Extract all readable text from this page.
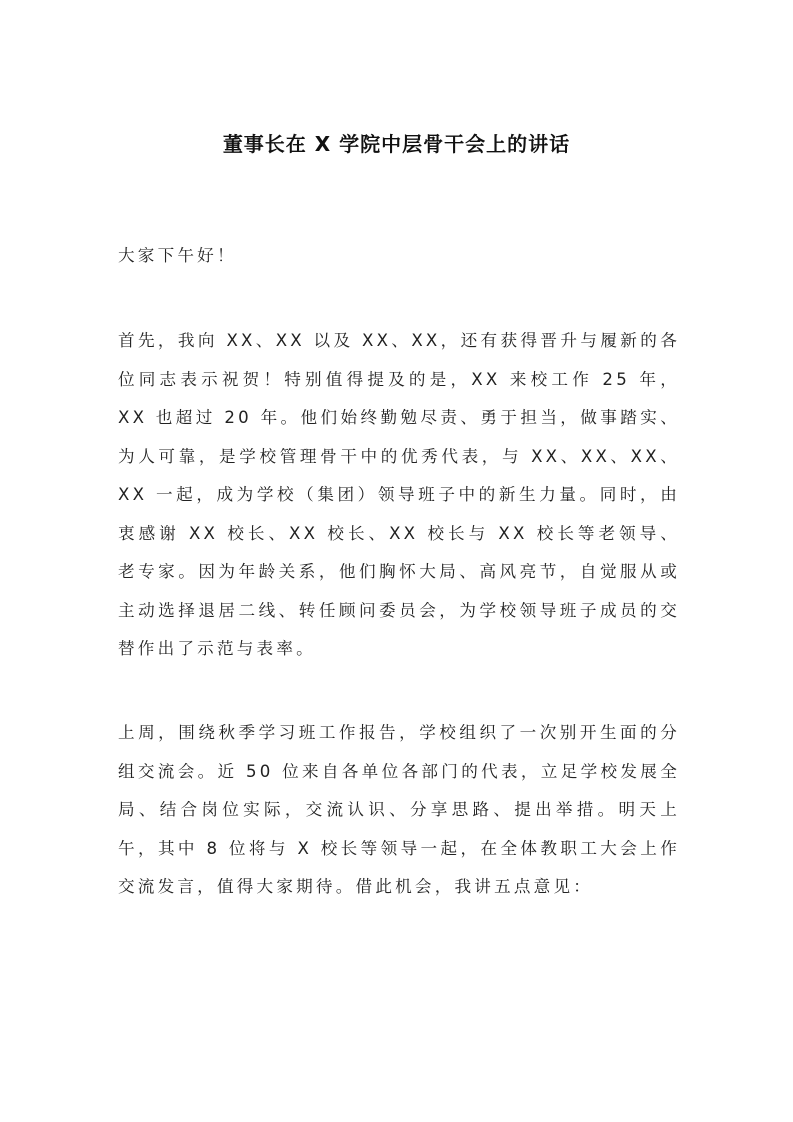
董事长在 X 学院中层骨干会上的讲话

大家下午好！

首先，我向 XX、XX 以及 XX、XX，还有获得晋升与履新的各位同志表示祝贺！特别值得提及的是，XX 来校工作 25 年，XX 也超过 20 年。他们始终勤勉尽责、勇于担当，做事踏实、为人可靠，是学校管理骨干中的优秀代表，与 XX、XX、XX、XX 一起，成为学校（集团）领导班子中的新生力量。同时，由衷感谢 XX 校长、XX 校长、XX 校长与 XX 校长等老领导、老专家。因为年龄关系，他们胸怀大局、高风亮节，自觉服从或主动选择退居二线、转任顾问委员会，为学校领导班子成员的交替作出了示范与表率。

上周，围绕秋季学习班工作报告，学校组织了一次别开生面的分组交流会。近 50 位来自各单位各部门的代表，立足学校发展全局、结合岗位实际，交流认识、分享思路、提出举措。明天上午，其中 8 位将与 X 校长等领导一起，在全体教职工大会上作交流发言，值得大家期待。借此机会，我讲五点意见：
